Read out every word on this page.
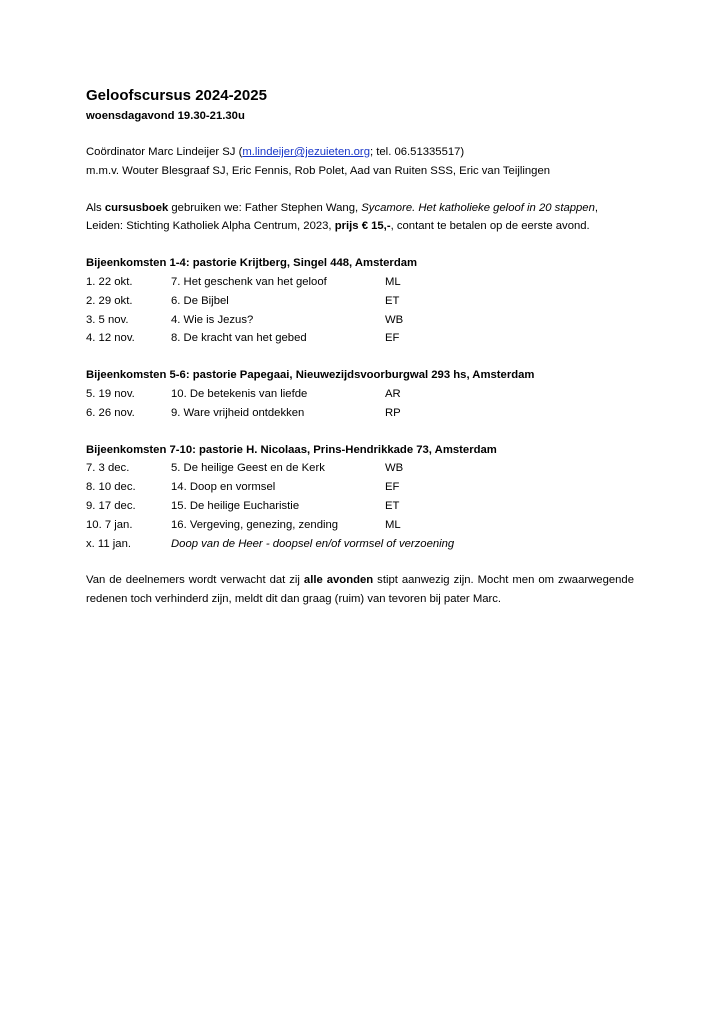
Geloofscursus 2024-2025

woensdagavond 19.30-21.30u

Coördinator Marc Lindeijer SJ (m.lindeijer@jezuieten.org; tel. 06.51335517)

m.m.v. Wouter Blesgraaf SJ, Eric Fennis, Rob Polet, Aad van Ruiten SSS, Eric van Teijlingen

Als cursusboek gebruiken we: Father Stephen Wang, Sycamore. Het katholieke geloof in 20 stappen,

Leiden: Stichting Katholiek Alpha Centrum, 2023, prijs € 15,-, contant te betalen op de eerste avond.

Bijeenkomsten 1-4: pastorie Krijtberg, Singel 448, Amsterdam

1. 22 okt.	7. Het geschenk van het geloof	ML
2. 29 okt.	6. De Bijbel	ET
3. 5 nov.	4. Wie is Jezus?	WB
4. 12 nov.	8. De kracht van het gebed	EF

Bijeenkomsten 5-6: pastorie Papegaai, Nieuwezijdsvoorburgwal 293 hs, Amsterdam

5. 19 nov.	10. De betekenis van liefde	AR
6. 26 nov.	9. Ware vrijheid ontdekken	RP

Bijeenkomsten 7-10: pastorie H. Nicolaas, Prins-Hendrikkade 73, Amsterdam

7. 3 dec.	5. De heilige Geest en de Kerk	WB
8. 10 dec.	14. Doop en vormsel	EF
9. 17 dec.	15. De heilige Eucharistie	ET
10. 7 jan.	16. Vergeving, genezing, zending	ML
x. 11 jan.	Doop van de Heer - doopsel en/of vormsel of verzoening

Van de deelnemers wordt verwacht dat zij alle avonden stipt aanwezig zijn. Mocht men om zwaarwegende redenen toch verhinderd zijn, meldt dit dan graag (ruim) van tevoren bij pater Marc.
